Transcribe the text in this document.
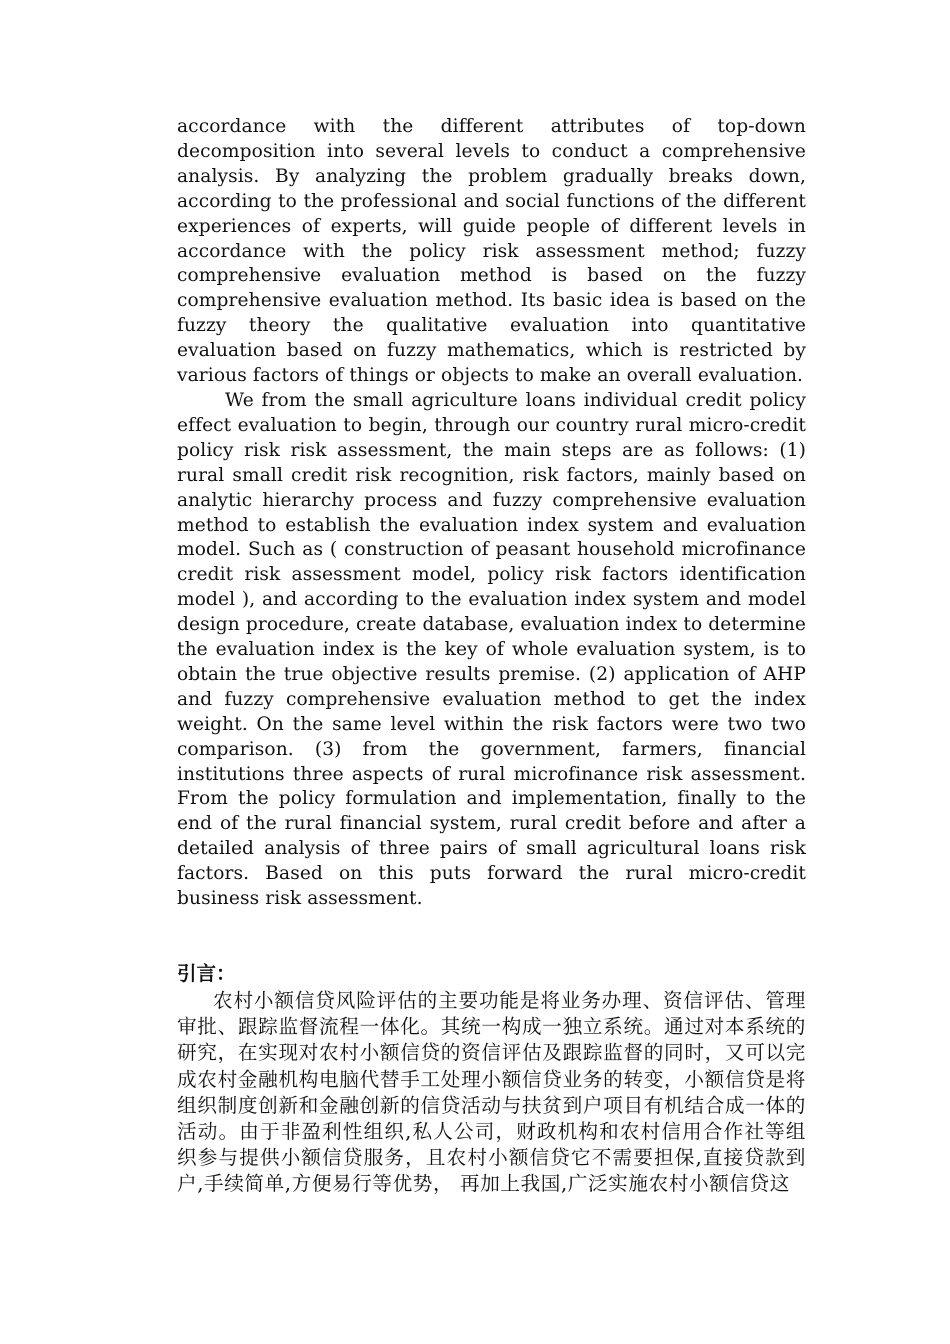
accordance with the different attributes of top-down decomposition into several levels to conduct a comprehensive analysis. By analyzing the problem gradually breaks down, according to the professional and social functions of the different experiences of experts, will guide people of different levels in accordance with the policy risk assessment method; fuzzy comprehensive evaluation method is based on the fuzzy comprehensive evaluation method. Its basic idea is based on the fuzzy theory the qualitative evaluation into quantitative evaluation based on fuzzy mathematics, which is restricted by various factors of things or objects to make an overall evaluation.

We from the small agriculture loans individual credit policy effect evaluation to begin, through our country rural micro-credit policy risk risk assessment, the main steps are as follows: (1) rural small credit risk recognition, risk factors, mainly based on analytic hierarchy process and fuzzy comprehensive evaluation method to establish the evaluation index system and evaluation model. Such as ( construction of peasant household microfinance credit risk assessment model, policy risk factors identification model ), and according to the evaluation index system and model design procedure, create database, evaluation index to determine the evaluation index is the key of whole evaluation system, is to obtain the true objective results premise. (2) application of AHP and fuzzy comprehensive evaluation method to get the index weight. On the same level within the risk factors were two two comparison. (3) from the government, farmers, financial institutions three aspects of rural microfinance risk assessment. From the policy formulation and implementation, finally to the end of the rural financial system, rural credit before and after a detailed analysis of three pairs of small agricultural loans risk factors. Based on this puts forward the rural micro-credit business risk assessment.

引言：

农村小额信贷风险评估的主要功能是将业务办理、资信评估、管理审批、跟踪监督流程一体化。其统一构成一独立系统。通过对本系统的研究，在实现对农村小额信贷的资信评估及跟踪监督的同时，又可以完成农村金融机构电脑代替手工处理小额信贷业务的转变，小额信贷是将组织制度创新和金融创新的信贷活动与扶贫到户项目有机结合成一体的活动。由于非盈利性组织,私人公司，财政机构和农村信用合作社等组织参与提供小额信贷服务，且农村小额信贷它不需要担保,直接贷款到户,手续简单,方便易行等优势， 再加上我国,广泛实施农村小额信贷这
